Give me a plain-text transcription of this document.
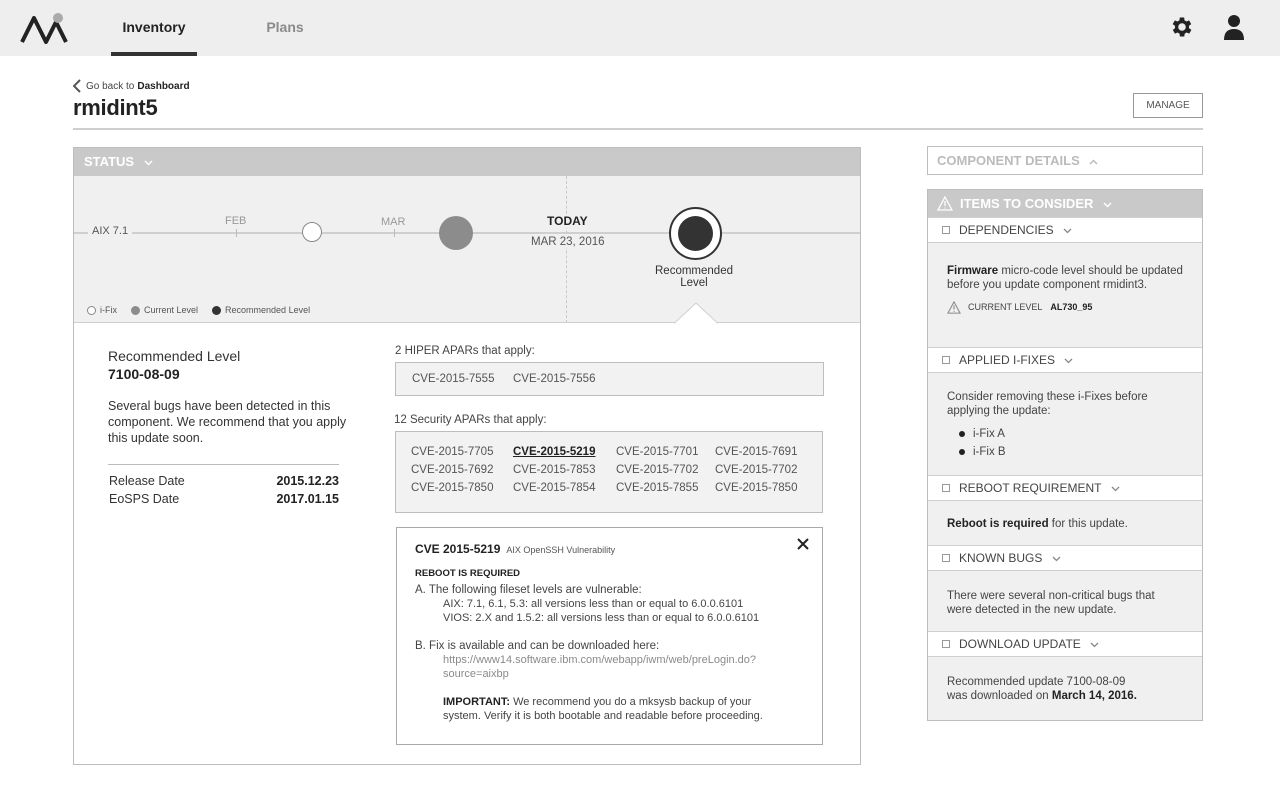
Inventory	Plans
Go back to Dashboard
rmidint5	MANAGE
STATUS
AIX 7.1
FEB	MAR	TODAY
MAR 23, 2016
Recommended Level
i-Fix	Current Level	Recommended Level
Recommended Level
7100-08-09
Several bugs have been detected in this component. We recommend that you apply this update soon.
Release Date	2015.12.23
EoSPS Date	2017.01.15
2 HIPER APARs that apply:
CVE-2015-7555 CVE-2015-7556
12 Security APARs that apply:
CVE-2015-7705 CVE-2015-5219 CVE-2015-7701 CVE-2015-7691
CVE-2015-7692 CVE-2015-7853 CVE-2015-7702 CVE-2015-7702
CVE-2015-7850 CVE-2015-7854 CVE-2015-7855 CVE-2015-7850
CVE 2015-5219 AIX OpenSSH Vulnerability
REBOOT IS REQUIRED
A. The following fileset levels are vulnerable:
AIX: 7.1, 6.1, 5.3: all versions less than or equal to 6.0.0.6101
VIOS: 2.X and 1.5.2: all versions less than or equal to 6.0.0.6101
B. Fix is available and can be downloaded here:
https://www14.software.ibm.com/webapp/iwm/web/preLogin.do?
source=aixbp
IMPORTANT: We recommend you do a mksysb backup of your
system. Verify it is both bootable and readable before proceeding.
COMPONENT DETAILS
ITEMS TO CONSIDER
DEPENDENCIES
Firmware micro-code level should be updated
before you update component rmidint3.
CURRENT LEVEL AL730_95
APPLIED I-FIXES
Consider removing these i-Fixes before
applying the update:
i-Fix A
i-Fix B
REBOOT REQUIREMENT
Reboot is required for this update.
KNOWN BUGS
There were several non-critical bugs that
were detected in the new update.
DOWNLOAD UPDATE
Recommended update 7100-08-09
was downloaded on March 14, 2016.
